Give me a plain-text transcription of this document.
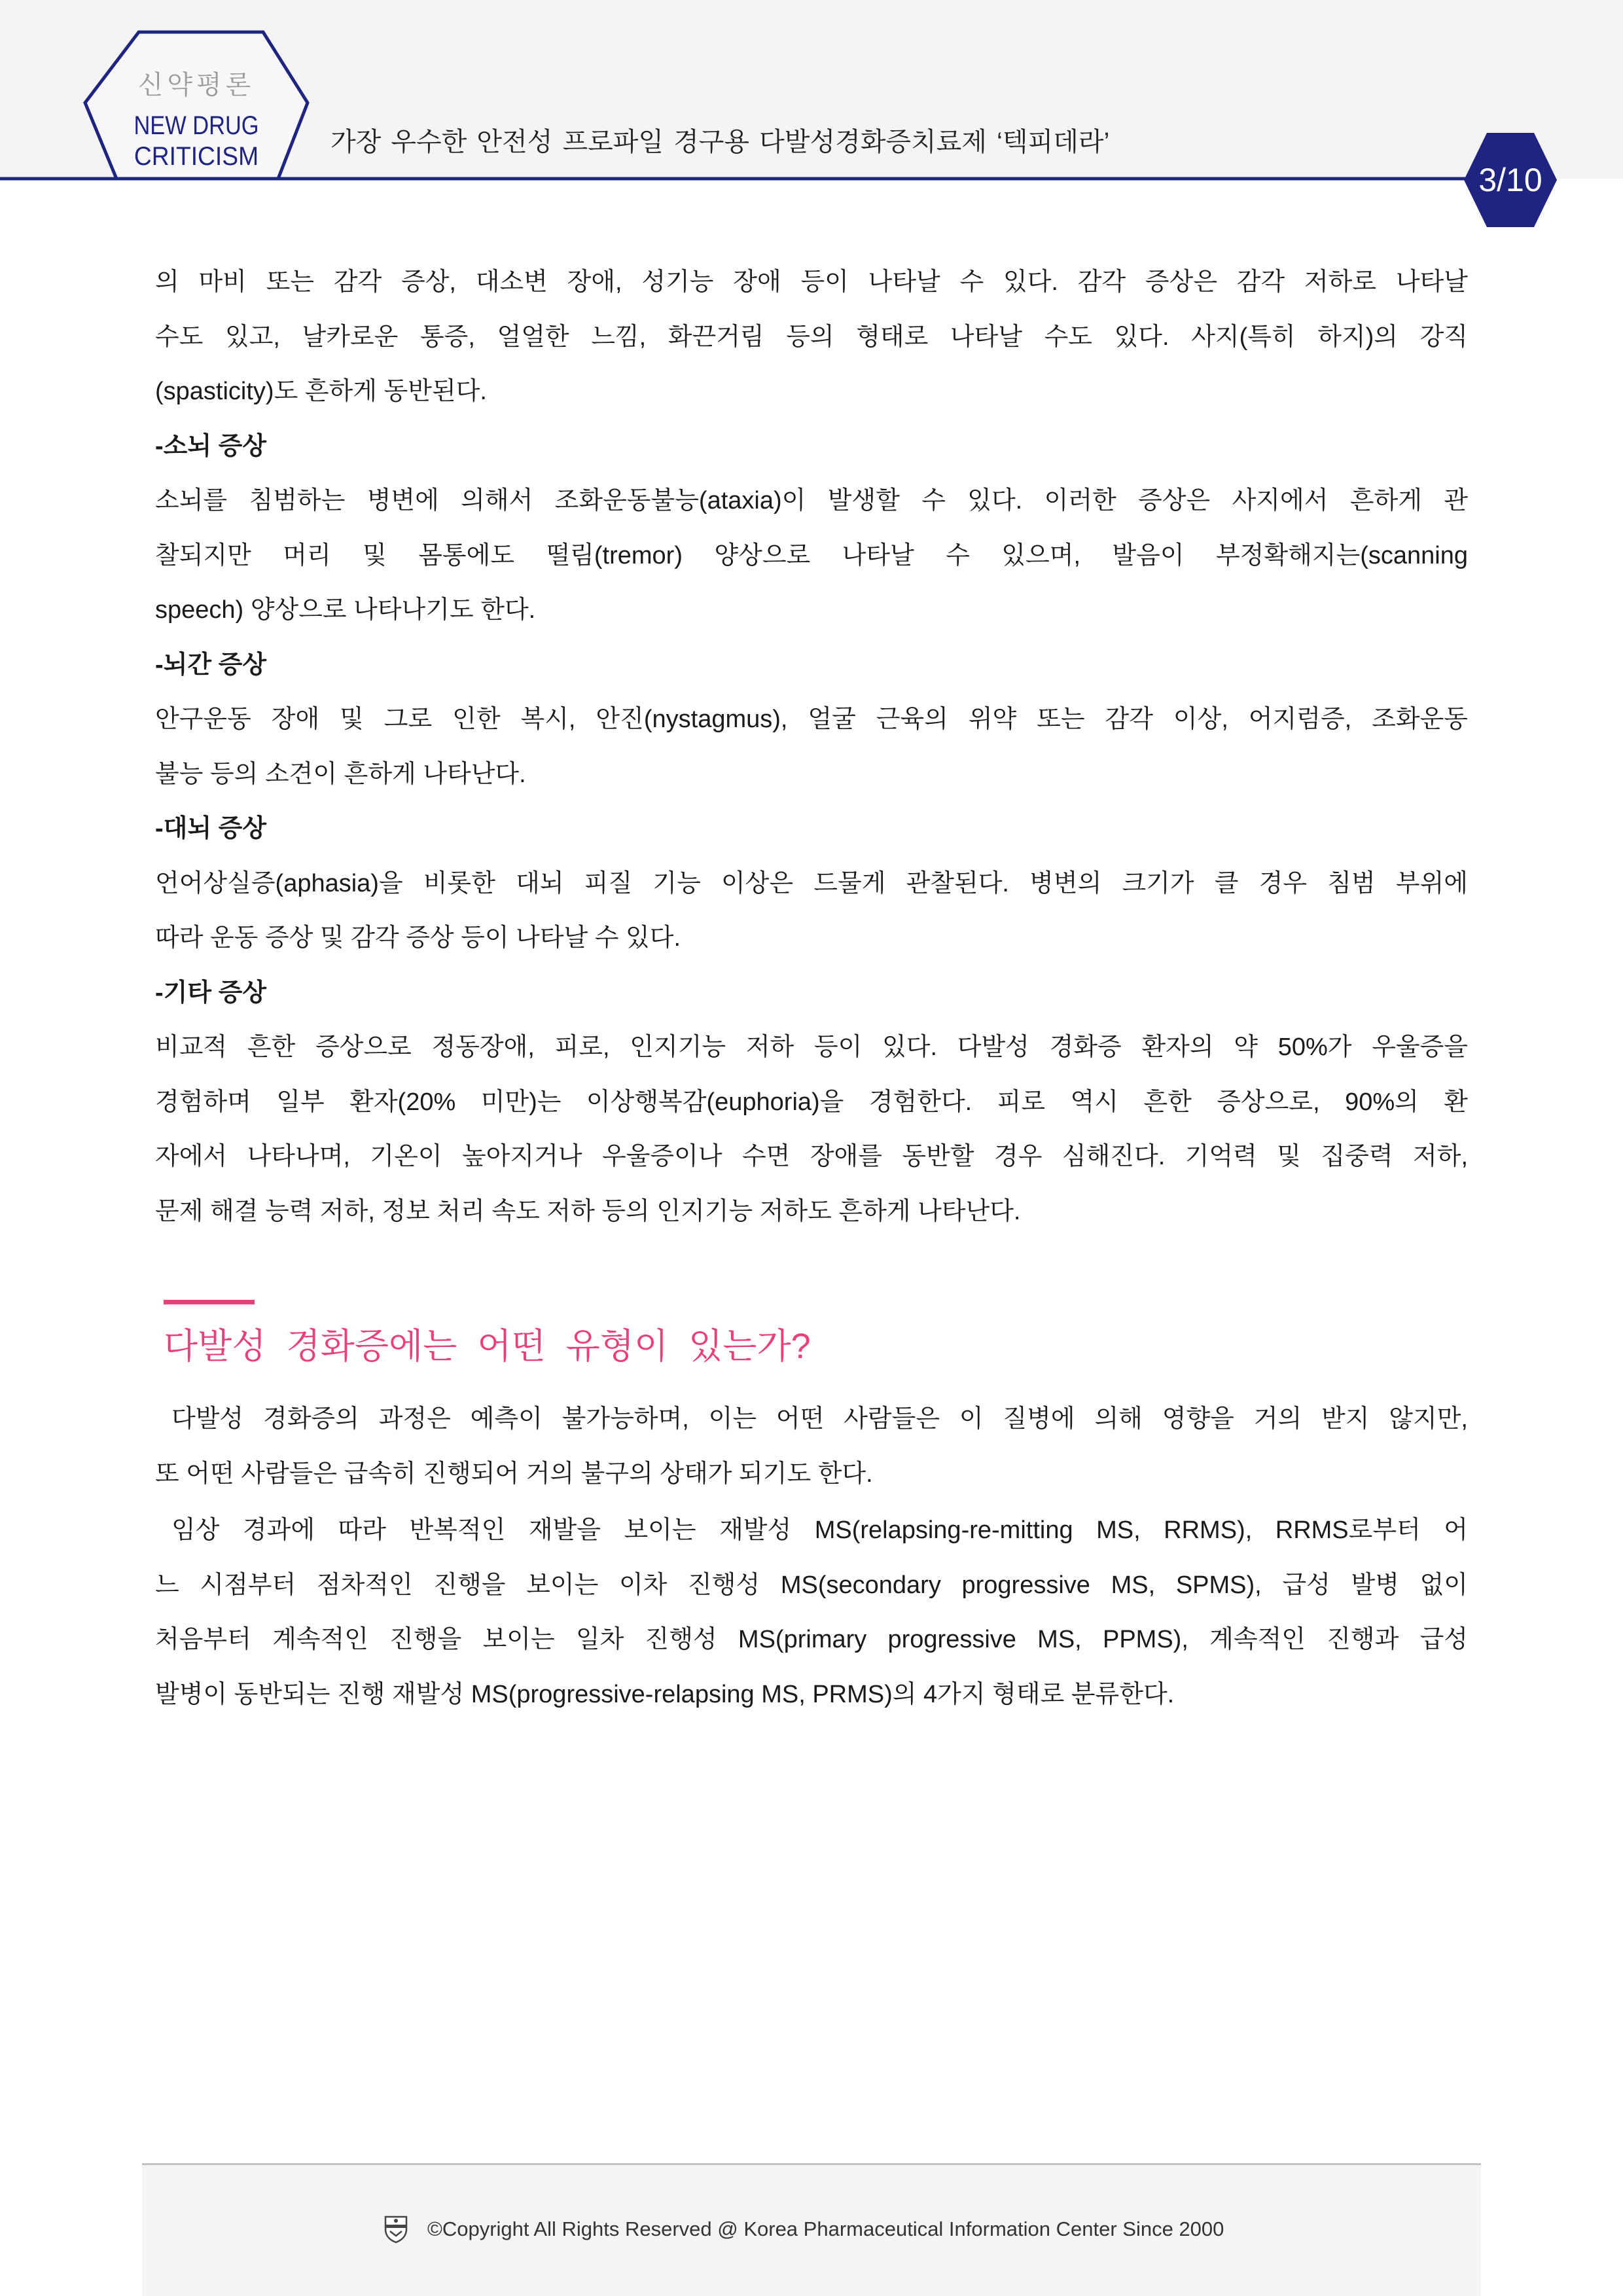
신약평론
NEW DRUG
CRITICISM	가장 우수한 안전성 프로파일 경구용 다발성경화증치료제 ‘텍피데라’
3/10
의 마비 또는 감각 증상, 대소변 장애, 성기능 장애 등이 나타날 수 있다. 감각 증상은 감각 저하로 나타날
수도 있고, 날카로운 통증, 얼얼한 느낌, 화끈거림 등의 형태로 나타날 수도 있다. 사지(특히 하지)의 강직
(spasticity)도 흔하게 동반된다.
-소뇌 증상
소뇌를 침범하는 병변에 의해서 조화운동불능(ataxia)이 발생할 수 있다. 이러한 증상은 사지에서 흔하게 관
찰되지만 머리 및 몸통에도 떨림(tremor) 양상으로 나타날 수 있으며, 발음이 부정확해지는(scanning
speech) 양상으로 나타나기도 한다.
-뇌간 증상
안구운동 장애 및 그로 인한 복시, 안진(nystagmus), 얼굴 근육의 위약 또는 감각 이상, 어지럼증, 조화운동
불능 등의 소견이 흔하게 나타난다.
-대뇌 증상
언어상실증(aphasia)을 비롯한 대뇌 피질 기능 이상은 드물게 관찰된다. 병변의 크기가 클 경우 침범 부위에
따라 운동 증상 및 감각 증상 등이 나타날 수 있다.
-기타 증상
비교적 흔한 증상으로 정동장애, 피로, 인지기능 저하 등이 있다. 다발성 경화증 환자의 약 50%가 우울증을
경험하며 일부 환자(20% 미만)는 이상행복감(euphoria)을 경험한다. 피로 역시 흔한 증상으로, 90%의 환
자에서 나타나며, 기온이 높아지거나 우울증이나 수면 장애를 동반할 경우 심해진다. 기억력 및 집중력 저하,
문제 해결 능력 저하, 정보 처리 속도 저하 등의 인지기능 저하도 흔하게 나타난다.
다발성 경화증에는 어떤 유형이 있는가?
다발성 경화증의 과정은 예측이 불가능하며, 이는 어떤 사람들은 이 질병에 의해 영향을 거의 받지 않지만,
또 어떤 사람들은 급속히 진행되어 거의 불구의 상태가 되기도 한다.
임상 경과에 따라 반복적인 재발을 보이는 재발성 MS(relapsing-re-mitting MS, RRMS), RRMS로부터 어
느 시점부터 점차적인 진행을 보이는 이차 진행성 MS(secondary progressive MS, SPMS), 급성 발병 없이
처음부터 계속적인 진행을 보이는 일차 진행성 MS(primary progressive MS, PPMS), 계속적인 진행과 급성
발병이 동반되는 진행 재발성 MS(progressive-relapsing MS, PRMS)의 4가지 형태로 분류한다.
©Copyright All Rights Reserved @ Korea Pharmaceutical Information Center Since 2000
